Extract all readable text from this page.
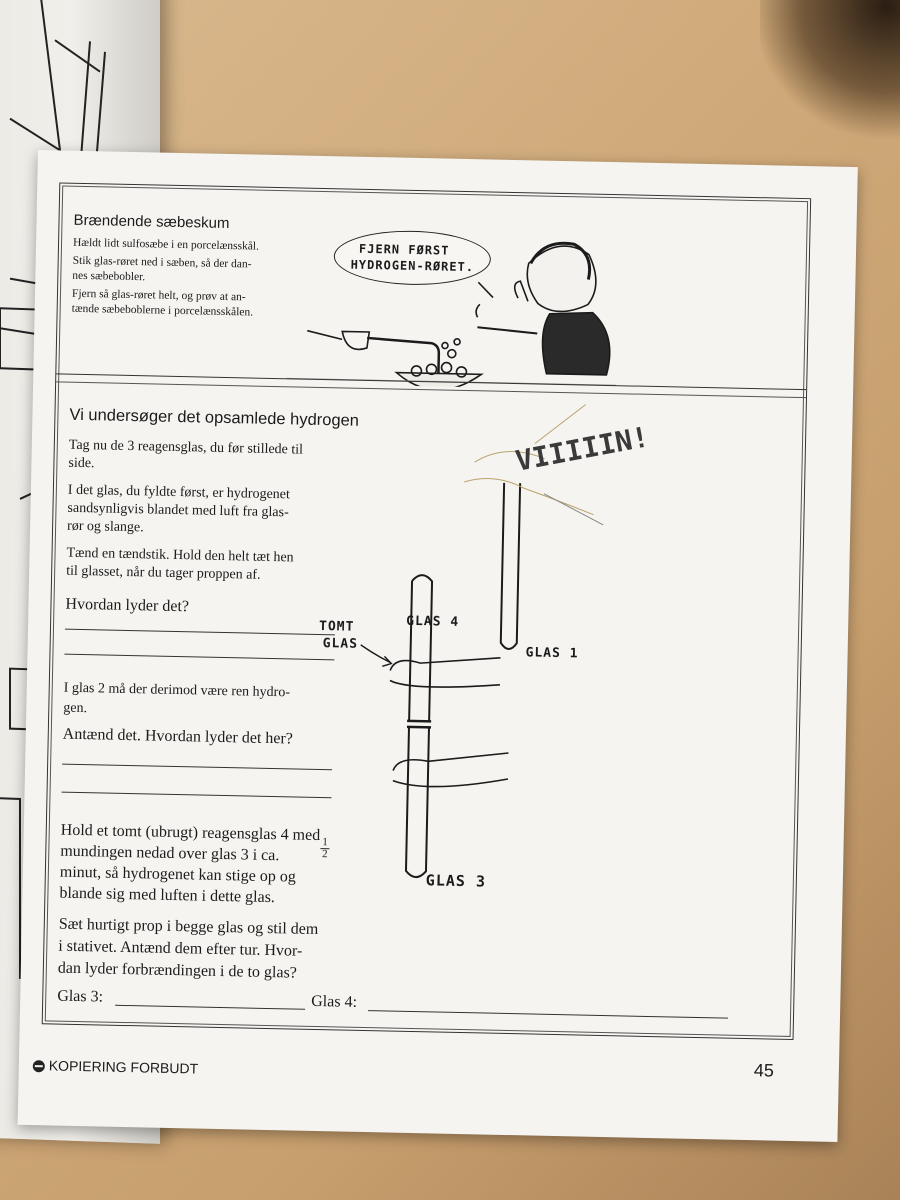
Brændende sæbeskum
Hældt lidt sulfosæbe i en porcelænsskål.
Stik glas-røret ned i sæben, så der dan-
nes sæbebobler.
Fjern så glas-røret helt, og prøv at an-
tænde sæbeboblerne i porcelænsskålen.
FJERN FØRST
HYDROGEN-RØRET.
Vi undersøger det opsamlede hydrogen
Tag nu de 3 reagensglas, du før stillede til
side.
I det glas, du fyldte først, er hydrogenet
sandsynligvis blandet med luft fra glas-
rør og slange.
Tænd en tændstik. Hold den helt tæt hen
til glasset, når du tager proppen af.
Hvordan lyder det?
I glas 2 må der derimod være ren hydro-
gen.
Antænd det. Hvordan lyder det her?
Hold et tomt (ubrugt) reagensglas 4 med
mundingen nedad over glas 3 i ca.
1
2
minut, så hydrogenet kan stige op og
blande sig med luften i dette glas.
Sæt hurtigt prop i begge glas og stil dem
i stativet. Antænd dem efter tur. Hvor-
dan lyder forbrændingen i de to glas?
Glas 3:	Glas 4:
VIIIIIN!
TOMT
GLAS
GLAS 4
GLAS 1
GLAS 3
45
KOPIERING FORBUDT
